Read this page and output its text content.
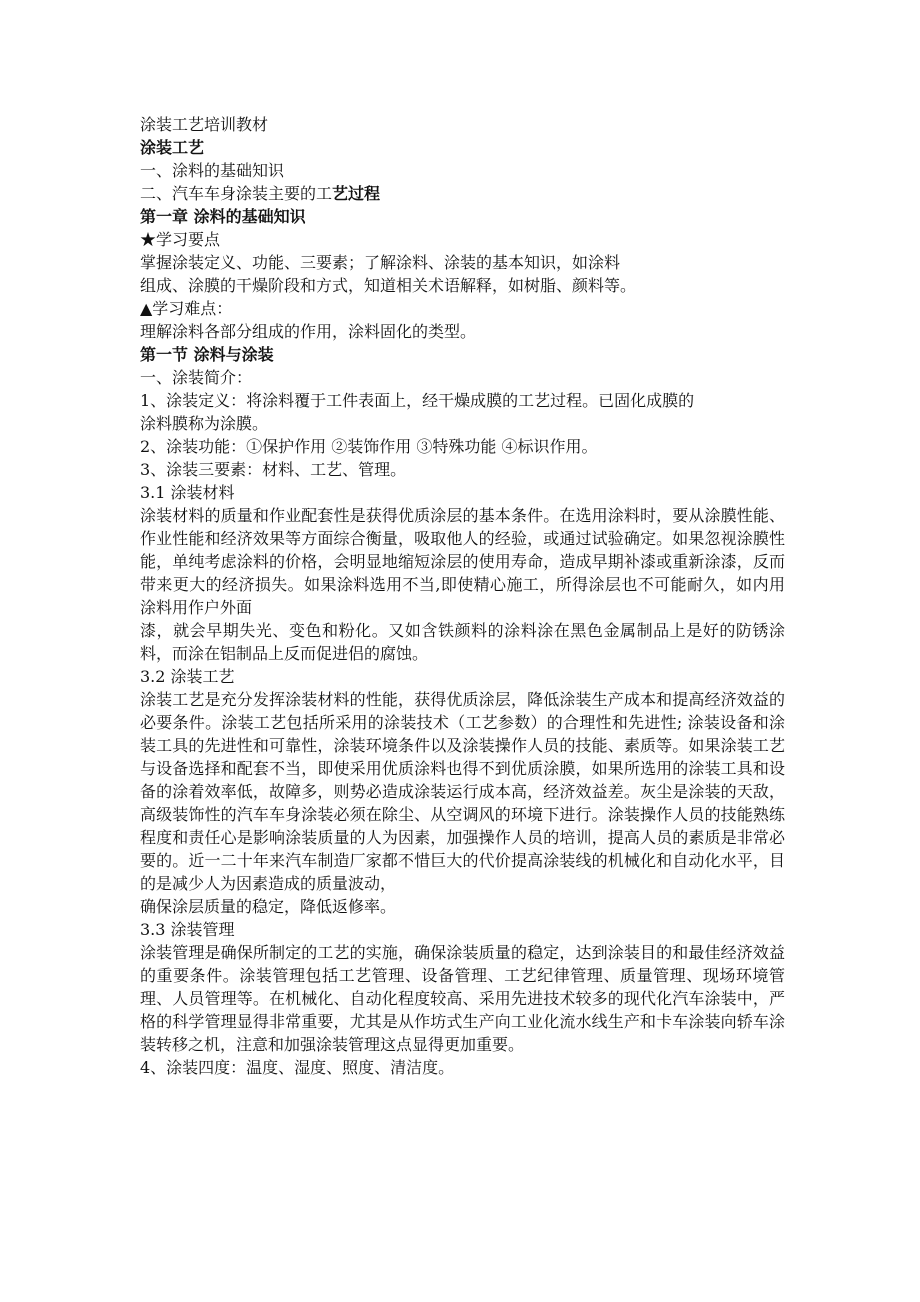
涂装工艺培训教材
涂装工艺
一、涂料的基础知识
二、汽车车身涂装主要的工艺过程
第一章 涂料的基础知识
★学习要点
掌握涂装定义、功能、三要素；了解涂料、涂装的基本知识，如涂料
组成、涂膜的干燥阶段和方式，知道相关术语解释，如树脂、颜料等。
▲学习难点：
理解涂料各部分组成的作用，涂料固化的类型。
第一节 涂料与涂装
一、涂装简介：
1、涂装定义：将涂料覆于工件表面上，经干燥成膜的工艺过程。已固化成膜的
涂料膜称为涂膜。
2、涂装功能：①保护作用 ②装饰作用 ③特殊功能 ④标识作用。
3、涂装三要素：材料、工艺、管理。
3.1 涂装材料
涂装材料的质量和作业配套性是获得优质涂层的基本条件。在选用涂料时，要从涂膜性能、作业性能和经济效果等方面综合衡量，吸取他人的经验，或通过试验确定。如果忽视涂膜性能，单纯考虑涂料的价格，会明显地缩短涂层的使用寿命，造成早期补漆或重新涂漆，反而带来更大的经济损失。如果涂料选用不当,即使精心施工，所得涂层也不可能耐久，如内用涂料用作户外面
漆，就会早期失光、变色和粉化。又如含铁颜料的涂料涂在黑色金属制品上是好的防锈涂料，而涂在铝制品上反而促进侣的腐蚀。
3.2 涂装工艺
涂装工艺是充分发挥涂装材料的性能，获得优质涂层，降低涂装生产成本和提高经济效益的必要条件。涂装工艺包括所采用的涂装技术（工艺参数）的合理性和先进性; 涂装设备和涂装工具的先进性和可靠性，涂装环境条件以及涂装操作人员的技能、素质等。如果涂装工艺与设备选择和配套不当，即使采用优质涂料也得不到优质涂膜，如果所选用的涂装工具和设备的涂着效率低，故障多，则势必造成涂装运行成本高，经济效益差。灰尘是涂装的天敌，高级装饰性的汽车车身涂装必须在除尘、从空调风的环境下进行。涂装操作人员的技能熟练程度和责任心是影响涂装质量的人为因素，加强操作人员的培训，提高人员的素质是非常必要的。近一二十年来汽车制造厂家都不惜巨大的代价提高涂装线的机械化和自动化水平，目的是减少人为因素造成的质量波动，
确保涂层质量的稳定，降低返修率。
3.3 涂装管理
涂装管理是确保所制定的工艺的实施，确保涂装质量的稳定，达到涂装目的和最佳经济效益的重要条件。涂装管理包括工艺管理、设备管理、工艺纪律管理、质量管理、现场环境管理、人员管理等。在机械化、自动化程度较高、采用先进技术较多的现代化汽车涂装中，严格的科学管理显得非常重要，尤其是从作坊式生产向工业化流水线生产和卡车涂装向轿车涂装转移之机，注意和加强涂装管理这点显得更加重要。
4、涂装四度：温度、湿度、照度、清洁度。
